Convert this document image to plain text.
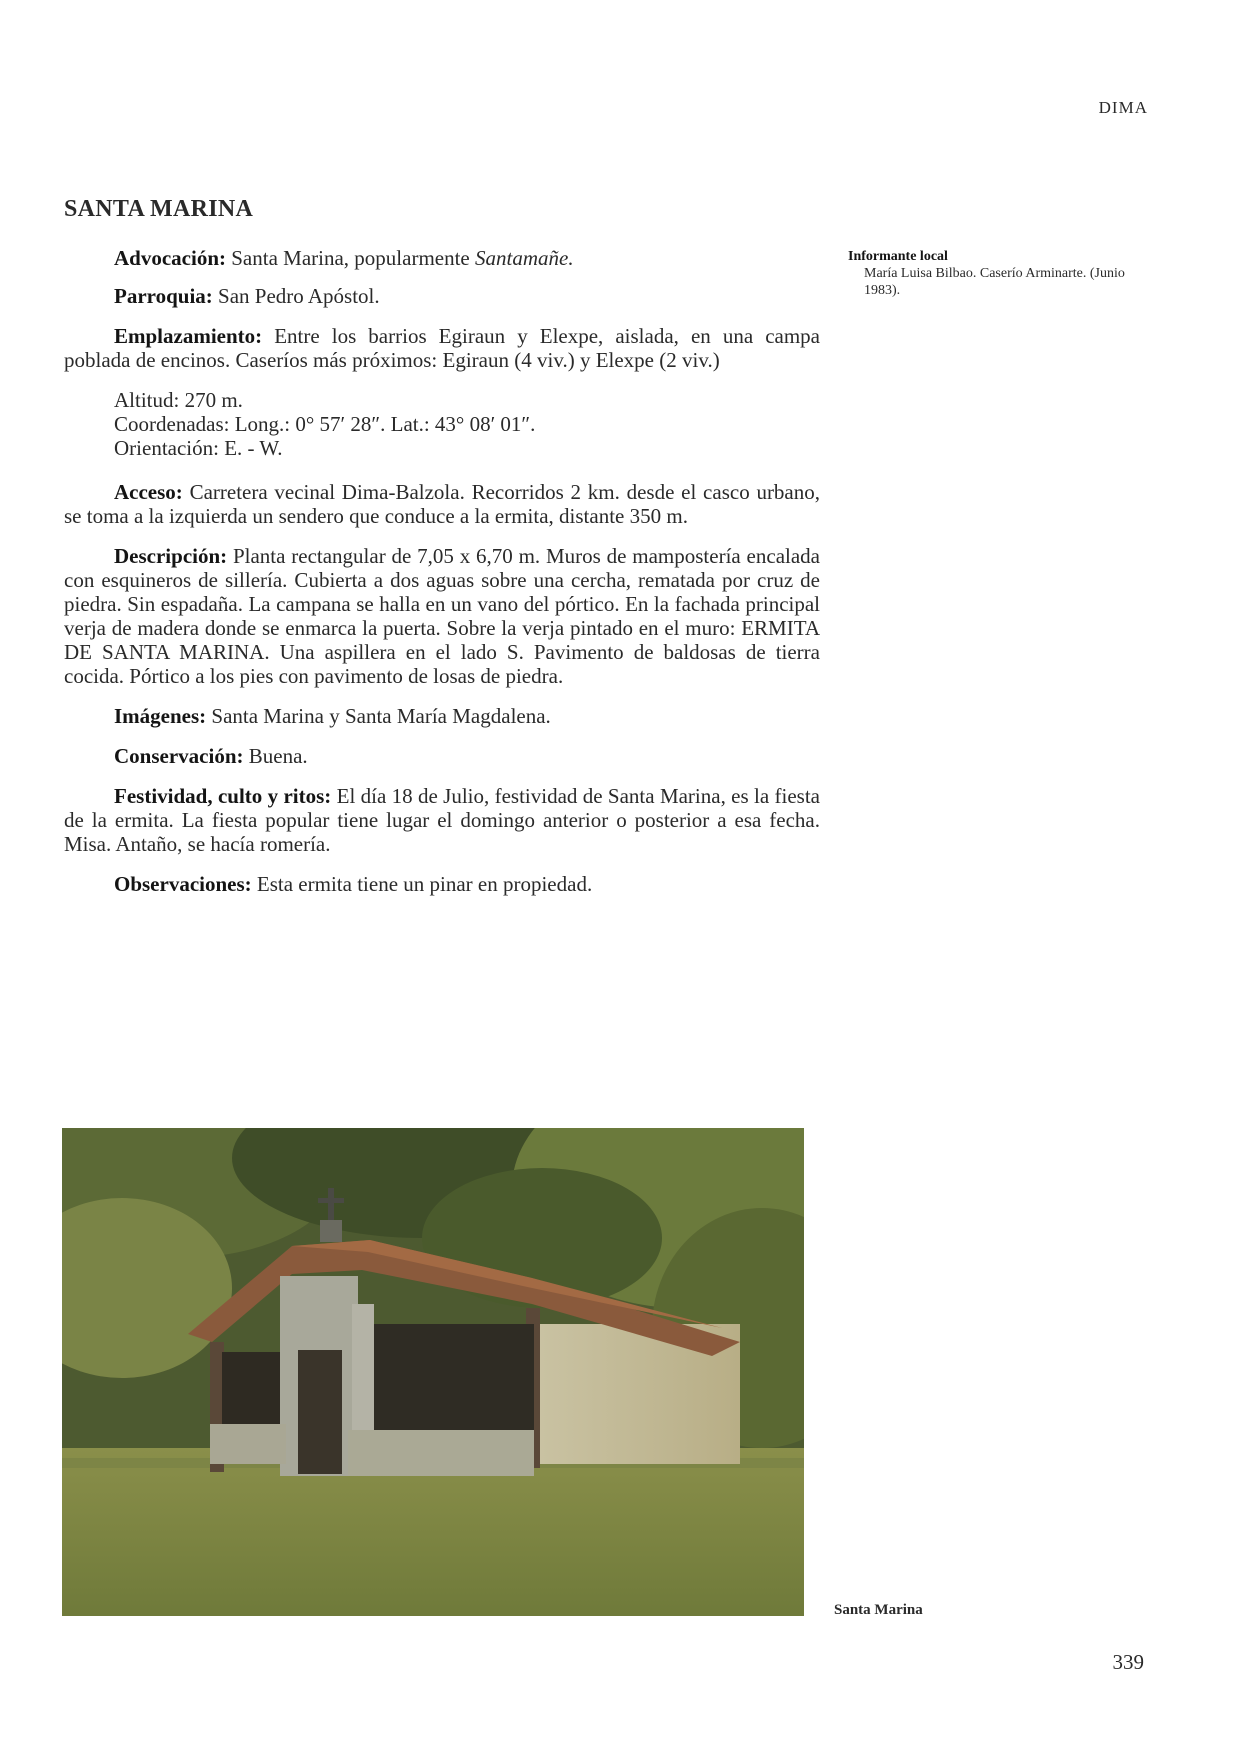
DIMA
SANTA MARINA

Advocación: Santa Marina, popularmente Santamañe.

Parroquia: San Pedro Apóstol.

Emplazamiento: Entre los barrios Egiraun y Elexpe, aislada, en una campa poblada de encinos. Caseríos más próximos: Egiraun (4 viv.) y Elexpe (2 viv.)

Altitud: 270 m.
Coordenadas: Long.: 0° 57′ 28″. Lat.: 43° 08′ 01″.
Orientación: E. - W.

Acceso: Carretera vecinal Dima-Balzola. Recorridos 2 km. desde el casco urbano, se toma a la izquierda un sendero que conduce a la ermita, distante 350 m.

Descripción: Planta rectangular de 7,05 x 6,70 m. Muros de mampostería encalada con esquineros de sillería. Cubierta a dos aguas sobre una cercha, rematada por cruz de piedra. Sin espadaña. La campana se halla en un vano del pórtico. En la fachada principal verja de madera donde se enmarca la puerta. Sobre la verja pintado en el muro: ERMITA DE SANTA MARINA. Una aspillera en el lado S. Pavimento de baldosas de tierra cocida. Pórtico a los pies con pavimento de losas de piedra.

Imágenes: Santa Marina y Santa María Magdalena.

Conservación: Buena.

Festividad, culto y ritos: El día 18 de Julio, festividad de Santa Marina, es la fiesta de la ermita. La fiesta popular tiene lugar el domingo anterior o posterior a esa fecha. Misa. Antaño, se hacía romería.

Observaciones: Esta ermita tiene un pinar en propiedad.

Informante local
María Luisa Bilbao. Caserío Arminarte. (Junio 1983).
Santa Marina
339
